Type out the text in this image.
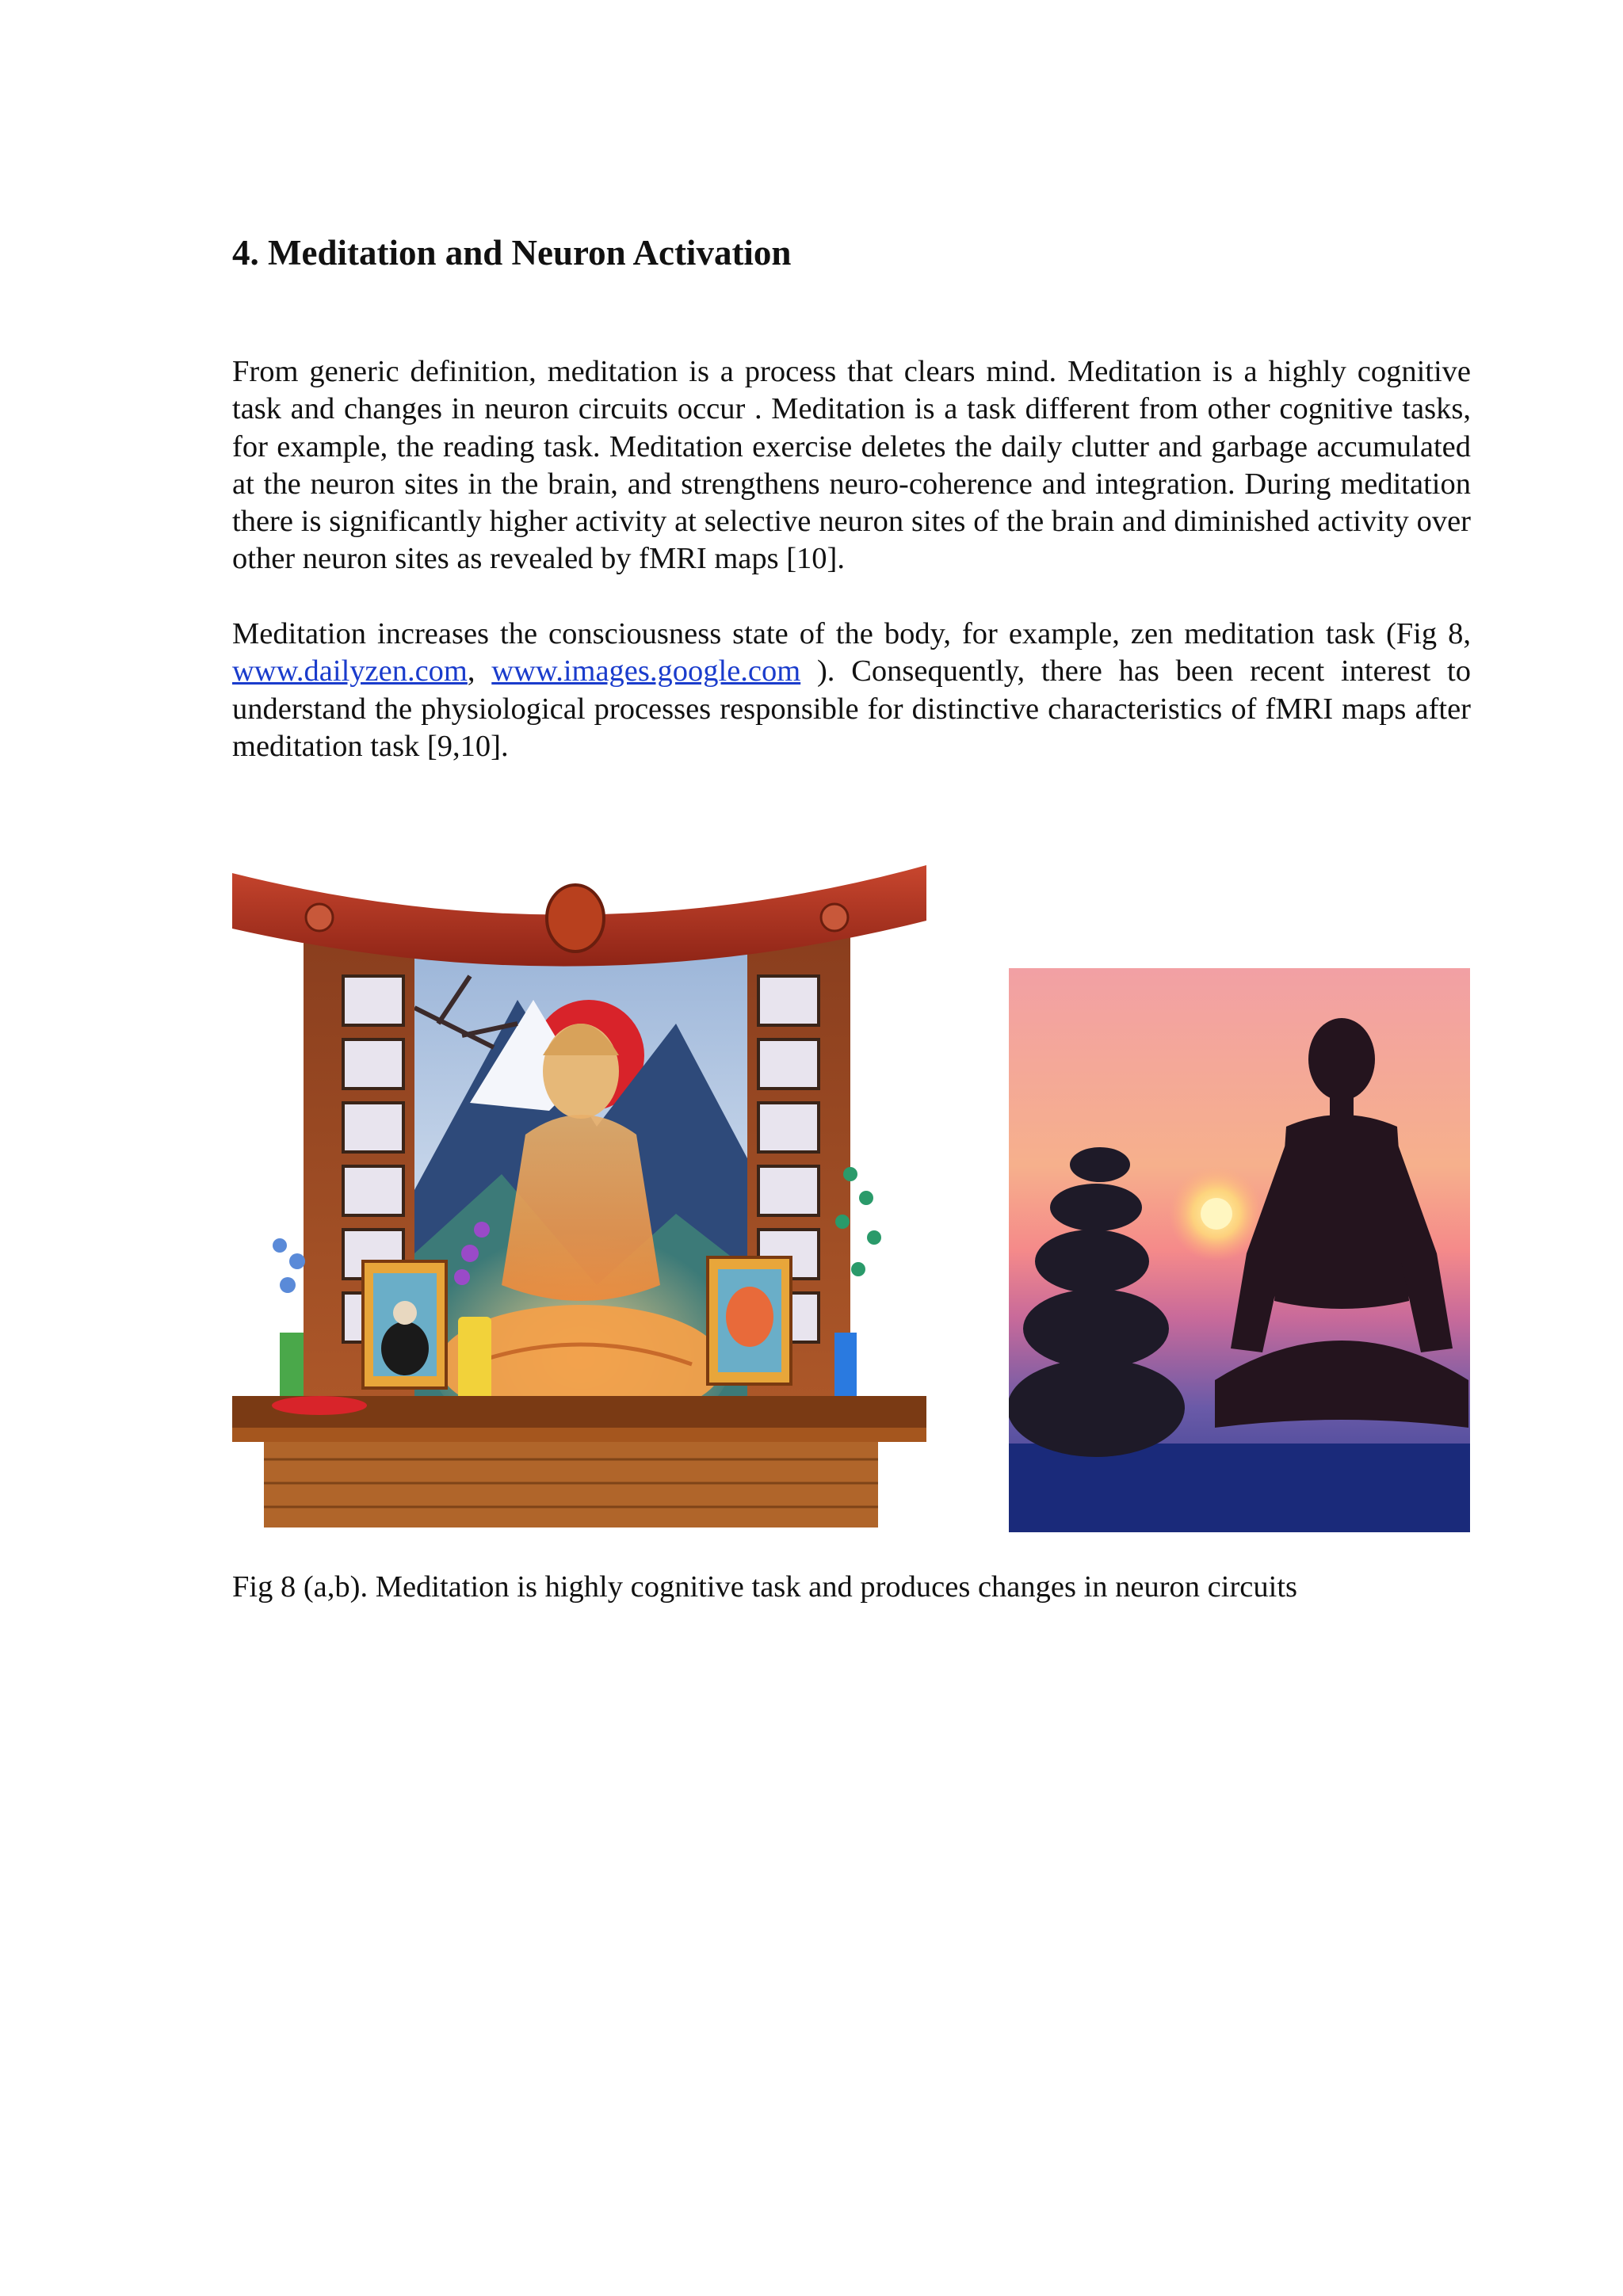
4. Meditation and Neuron Activation

From generic definition, meditation is a process that clears mind. Meditation is a highly cognitive task and changes in neuron circuits occur . Meditation is a task different from other cognitive tasks, for example, the reading task. Meditation exercise deletes the daily clutter and garbage accumulated at the neuron sites in the brain, and strengthens neuro-coherence and integration. During meditation there is significantly higher activity at selective neuron sites of the brain and diminished activity over other neuron sites as revealed by fMRI maps [10].

Meditation increases the consciousness state of the body, for example, zen meditation task (Fig 8, www.dailyzen.com, www.images.google.com ). Consequently, there has been recent interest to understand the physiological processes responsible for distinctive characteristics of fMRI maps after meditation task [9,10].

Fig 8 (a,b). Meditation is highly cognitive task and produces changes in neuron circuits
